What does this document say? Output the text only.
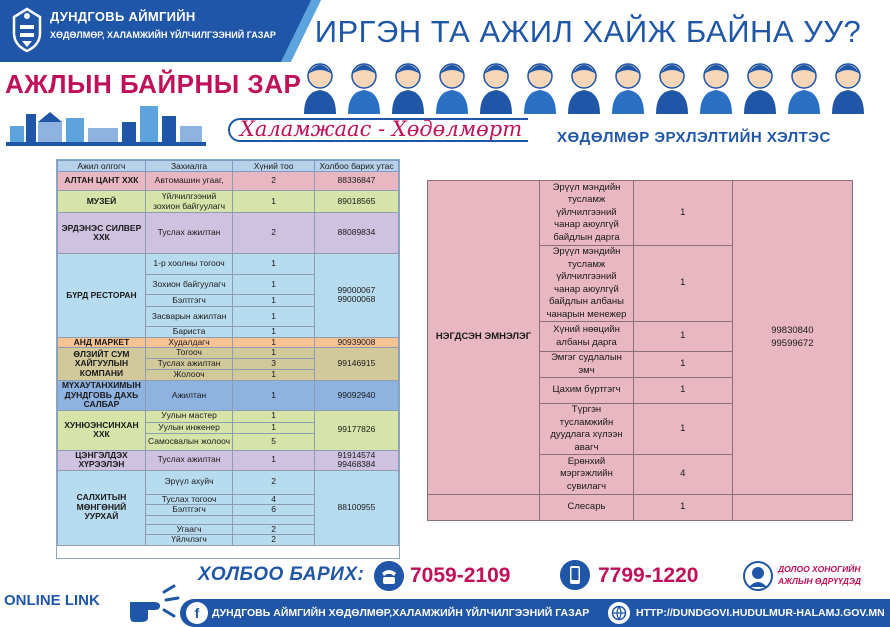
ДУНДГОВЬ АЙМГИЙН
ХӨДӨЛМӨР, ХАЛАМЖИЙН ҮЙЛЧИЛГЭЭНИЙ ГАЗАР	ИРГЭН ТА АЖИЛ ХАЙЖ БАЙНА УУ?
АЖЛЫН БАЙРНЫ ЗАР
Халамжаас - Хөдөлмөрт ХӨДӨЛМӨР ЭРХЛЭЛТИЙН ХЭЛТЭС
Ажил олгогч	Захиалга	Хүний тоо	Холбоо барих утас
АЛТАН ЦАНТ ХХК	Автомашин угааг,	2	88336847
МУЗЕЙ	Үйлчилгээний зохион байгуулагч	1	89018565
ЭРДЭНЭС СИЛВЕР ХХК	Туслах ажилтан	2	88089834
БҮРД РЕСТОРАН	1-р хоолны тогооч	1	99000067
99000068
	Зохион байгуулагч	1	
	Бэлтгэгч	1	
	Засварын ажилтан	1	
	Бариста	1	
АНД МАРКЕТ	Худалдагч	1	90939008
ӨЛЗИЙТ СУМ ХАЙГУУЛЫН КОМПАНИ	Тогооч	1	99146915
	Туслах ажилтан	3	
	Жолооч	1	
МҮХАУТАНХИМЫН ДУНДГОВЬ ДАХЬ САЛБАР	Ажилтан	1	99092940
ХУНЮЭНСИНХАН ХХК	Уулын мастер	1	99177826
	Уулын инженер	1	
	Самосвалын жолооч	5	
ЦЭНГЭЛДЭХ ХҮРЭЭЛЭН	Туслах ажилтан	1	91914574
99468384
САЛХИТЫН МӨНГӨНИЙ УУРХАЙ	Эрүүл ахуйч	2	88100955
	Туслах тогооч	4	
	Бэлтгэгч	6	

	Угаагч	2	
	Үйлчлэгч	2	
НЭГДСЭН ЭМНЭЛЭГ	Эрүүл мэндийн тусламж үйлчилгээний чанар аюулгүй байдлын дарга	1	99830840
99599672
	Эрүүл мэндийн тусламж үйлчилгээний чанар аюулгүй байдлын албаны чанарын менежер	1	
	Хүний нөөцийн албаны дарга	1	
	Эмгэг судлалын эмч	1	
	Цахим бүртгэгч	1	
	Түргэн тусламжийн дуудлага хүлээн авагч	1	
	Ерөнхий мэргэжлийн сувилагч	4	
	Слесарь	1	
ХОЛБОО БАРИХ: 7059-2109	7799-1220	ДОЛОО ХОНОГИЙН
АЖЛЫН ӨДРҮҮДЭД
ONLINE LINK
f	ДУНДГОВЬ АЙМГИЙН ХӨДӨЛМӨР,ХАЛАМЖИЙН ҮЙЛЧИЛГЭЭНИЙ ГАЗАР	HTTP://DUNDGOVI.HUDULMUR-HALAMJ.GOV.MN
